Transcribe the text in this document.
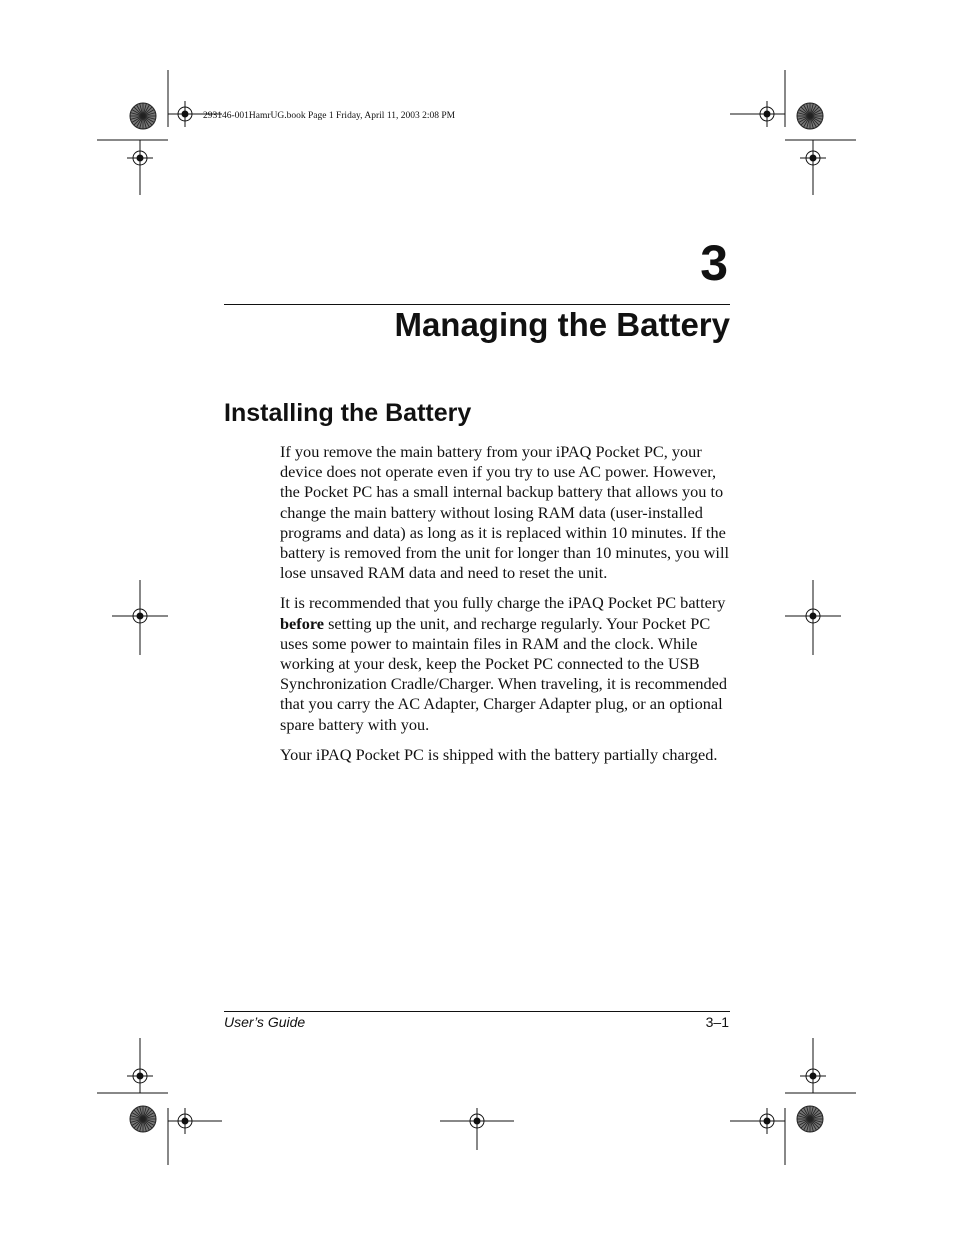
293146-001HamrUG.book Page 1 Friday, April 11, 2003 2:08 PM
3
Managing the Battery
Installing the Battery

If you remove the main battery from your iPAQ Pocket PC, your device does not operate even if you try to use AC power. However, the Pocket PC has a small internal backup battery that allows you to change the main battery without losing RAM data (user-installed programs and data) as long as it is replaced within 10 minutes. If the battery is removed from the unit for longer than 10 minutes, you will lose unsaved RAM data and need to reset the unit.

It is recommended that you fully charge the iPAQ Pocket PC battery before setting up the unit, and recharge regularly. Your Pocket PC uses some power to maintain files in RAM and the clock. While working at your desk, keep the Pocket PC connected to the USB Synchronization Cradle/Charger. When traveling, it is recommended that you carry the AC Adapter, Charger Adapter plug, or an optional spare battery with you.

Your iPAQ Pocket PC is shipped with the battery partially charged.

User’s Guide	3–1
